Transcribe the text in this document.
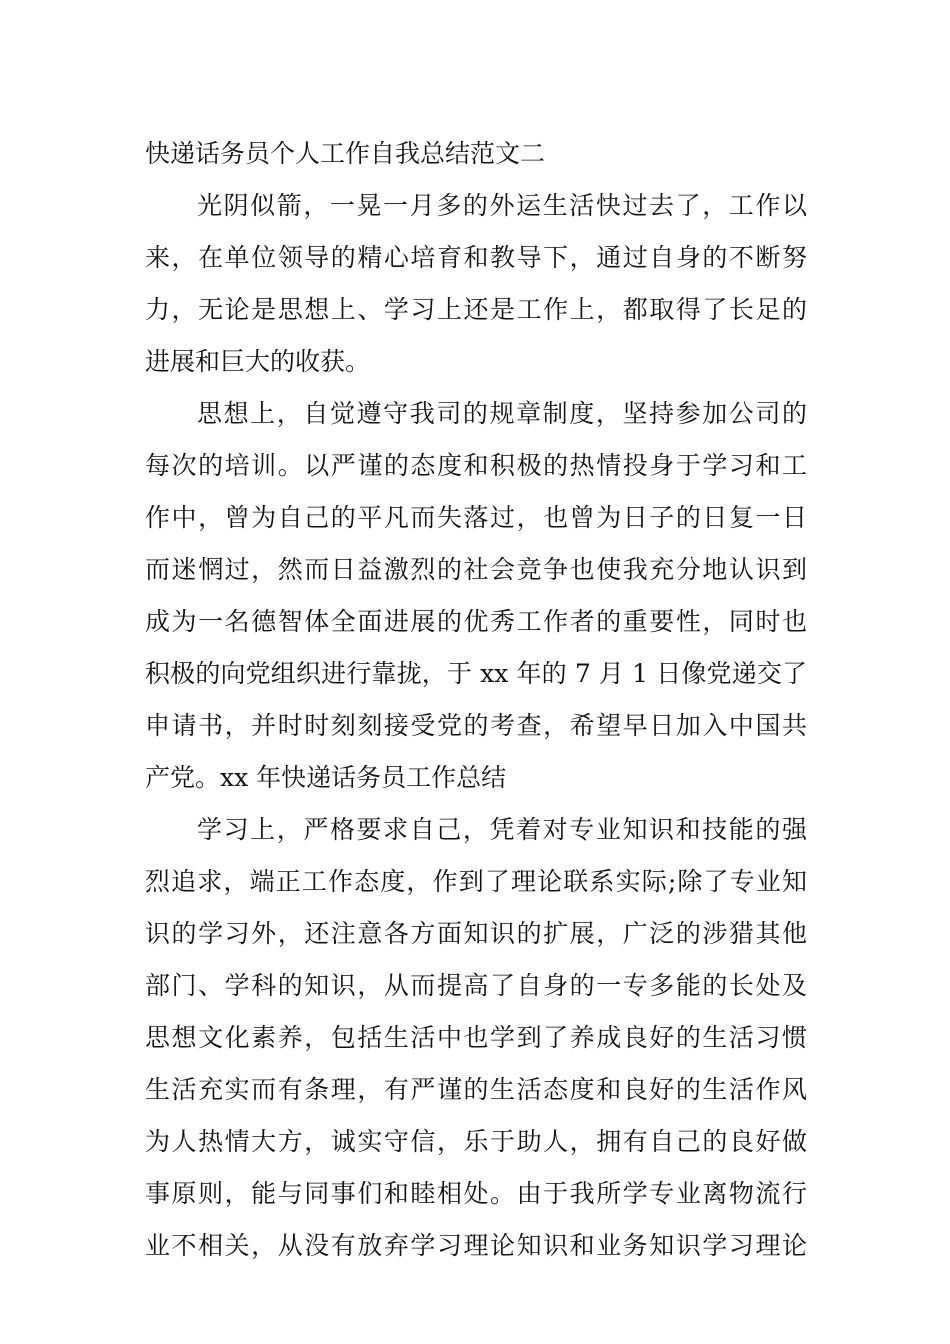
快递话务员个人工作自我总结范文二
光阴似箭，一晃一月多的外运生活快过去了，工作以
来，在单位领导的精心培育和教导下，通过自身的不断努
力，无论是思想上、学习上还是工作上，都取得了长足的
进展和巨大的收获。
思想上，自觉遵守我司的规章制度，坚持参加公司的
每次的培训。以严谨的态度和积极的热情投身于学习和工
作中，曾为自己的平凡而失落过，也曾为日子的日复一日
而迷惘过，然而日益激烈的社会竞争也使我充分地认识到
成为一名德智体全面进展的优秀工作者的重要性，同时也
积极的向党组织进行靠拢，于 xx 年的 7 月 1 日像党递交了
申请书，并时时刻刻接受党的考查，希望早日加入中国共
产党。xx 年快递话务员工作总结
学习上，严格要求自己，凭着对专业知识和技能的强
烈追求，端正工作态度，作到了理论联系实际;除了专业知
识的学习外，还注意各方面知识的扩展，广泛的涉猎其他
部门、学科的知识，从而提高了自身的一专多能的长处及
思想文化素养，包括生活中也学到了养成良好的生活习惯
生活充实而有条理，有严谨的生活态度和良好的生活作风
为人热情大方，诚实守信，乐于助人，拥有自己的良好做
事原则，能与同事们和睦相处。由于我所学专业离物流行
业不相关，从没有放弃学习理论知识和业务知识学习理论
